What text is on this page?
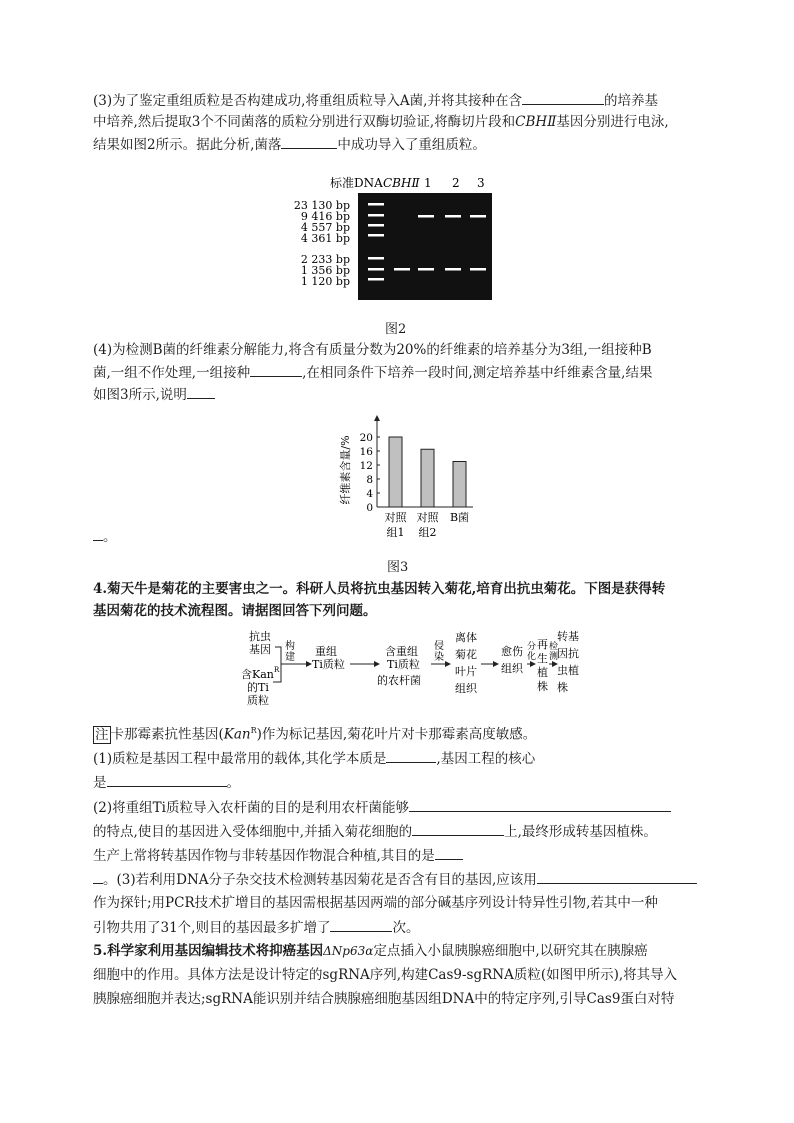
(3)为了鉴定重组质粒是否构建成功,将重组质粒导入A菌,并将其接种在含	的培养基
中培养,然后提取3个不同菌落的质粒分别进行双酶切验证,将酶切片段和CBHⅡ基因分别进行电泳,
结果如图2所示。据此分析,菌落	中成功导入了重组质粒。
标准DNA CBHⅡ 1 2 3
23 130 bp
9 416 bp
4 557 bp
4 361 bp
2 233 bp
1 356 bp
1 120 bp
图2
(4)为检测B菌的纤维素分解能力,将含有质量分数为20%的纤维素的培养基分为3组,一组接种B
菌,一组不作处理,一组接种	,在相同条件下培养一段时间,测定培养基中纤维素含量,结果
如图3所示,说明
纤维素含量/%
0
4
8
12
16
20
对照
组1
对照
组2
B菌
。
图3
4.菊天牛是菊花的主要害虫之一。科研人员将抗虫基因转入菊花,培育出抗虫菊花。下图是获得转
基因菊花的技术流程图。请据图回答下列问题。
抗虫
基因
含Kan R
的Ti
质粒
构
建 重组
Ti质粒
含重组
Ti质粒
的农杆菌
侵
染
离体
菊花
叶片
组织
愈伤
组织
分
化
再
生
植
株
检
测
转基
因抗
虫植
株
注 卡那霉素抗性基因(Kan$^R$)作为标记基因,菊花叶片对卡那霉素高度敏感。
(1)质粒是基因工程中最常用的载体,其化学本质是	,基因工程的核心
是	。
(2)将重组Ti质粒导入农杆菌的目的是利用农杆菌能够
的特点,使目的基因进入受体细胞中,并插入菊花细胞的	上,最终形成转基因植株。
生产上常将转基因作物与非转基因作物混合种植,其目的是
。(3)若利用DNA分子杂交技术检测转基因菊花是否含有目的基因,应该用
作为探针;用PCR技术扩增目的基因需根据基因两端的部分碱基序列设计特异性引物,若其中一种
引物共用了31个,则目的基因最多扩增了	次。
5.科学家利用基因编辑技术将抑癌基因ΔNp63α定点插入小鼠胰腺癌细胞中,以研究其在胰腺癌
细胞中的作用。具体方法是设计特定的sgRNA序列,构建Cas9-sgRNA质粒(如图甲所示),将其导入
胰腺癌细胞并表达;sgRNA能识别并结合胰腺癌细胞基因组DNA中的特定序列,引导Cas9蛋白对特
